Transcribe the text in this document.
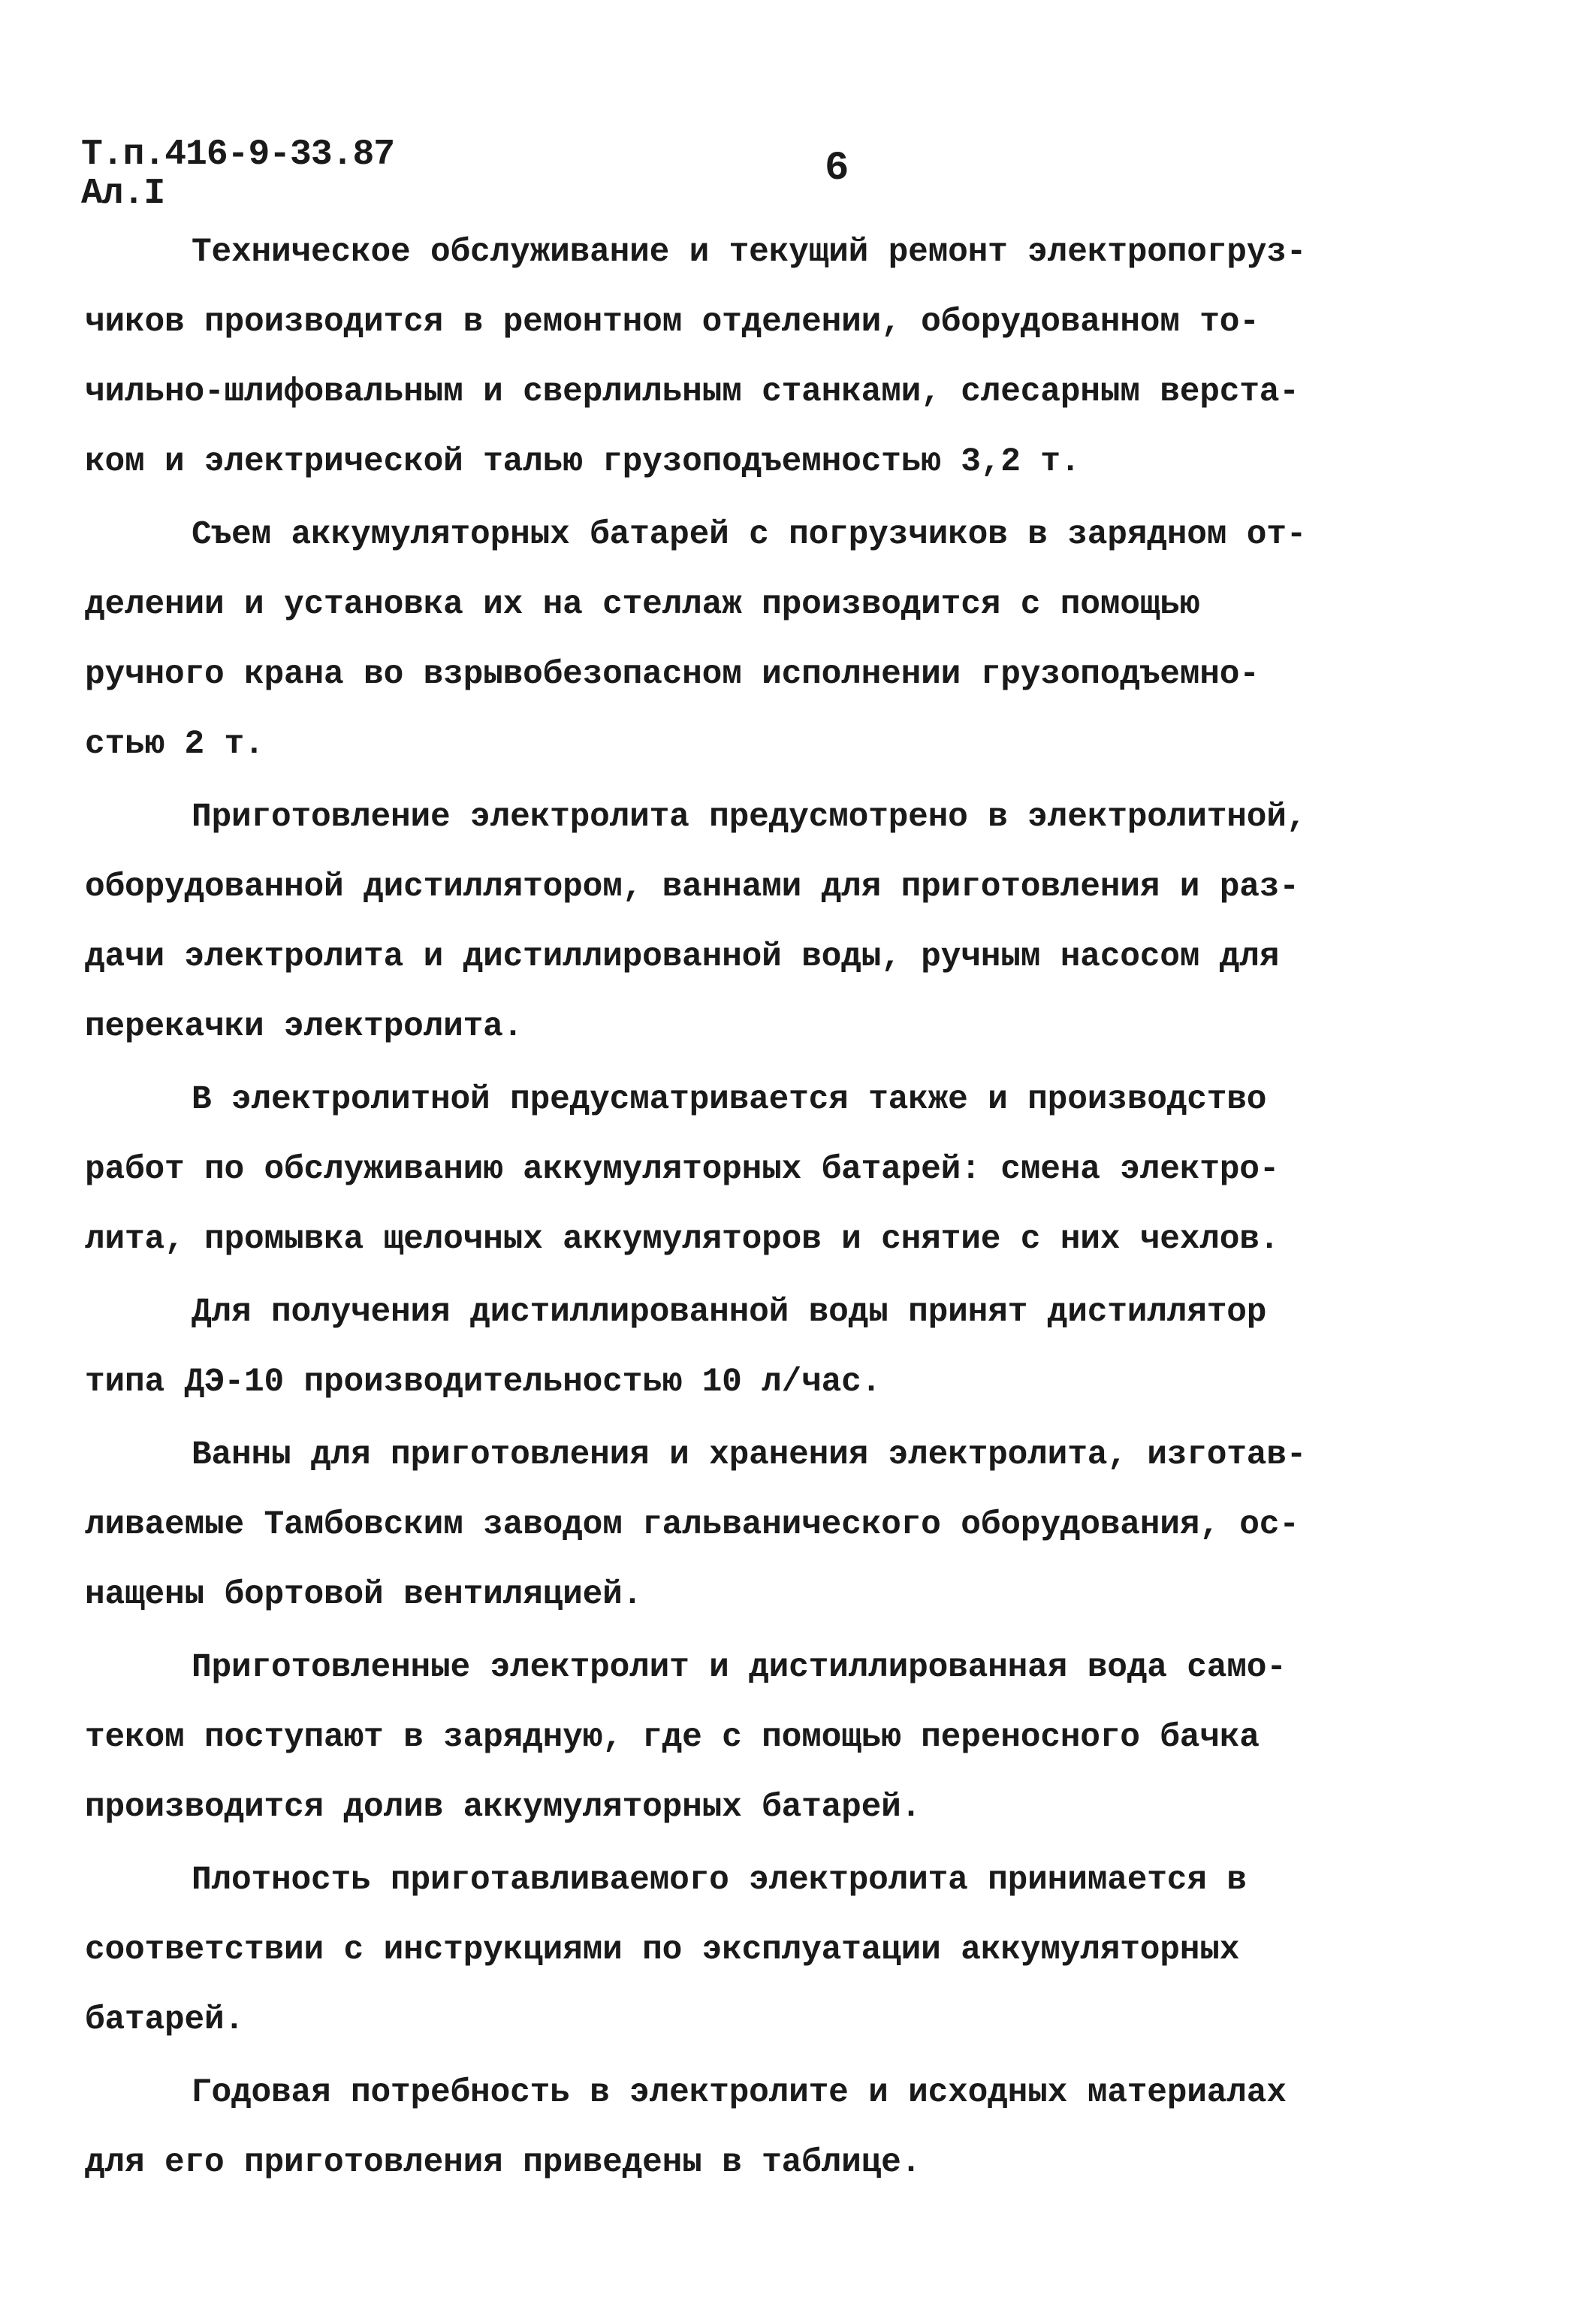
Т.п.416-9-33.87
Ал.I
6
Техническое обслуживание и текущий ремонт электропогруз-
чиков производится в ремонтном отделении, оборудованном то-
чильно-шлифовальным и сверлильным станками, слесарным верста-
ком и электрической талью грузоподъемностью 3,2 т.
Съем аккумуляторных батарей с погрузчиков в зарядном от-
делении и установка их на стеллаж производится с помощью
ручного крана во взрывобезопасном исполнении грузоподъемно-
стью 2 т.
Приготовление электролита предусмотрено в электролитной,
оборудованной дистиллятором, ваннами для приготовления и раз-
дачи электролита и дистиллированной воды, ручным насосом для
перекачки электролита.
В электролитной предусматривается также и производство
работ по обслуживанию аккумуляторных батарей: смена электро-
лита, промывка щелочных аккумуляторов и снятие с них чехлов.
Для получения дистиллированной воды принят дистиллятор
типа ДЭ-10 производительностью 10 л/час.
Ванны для приготовления и хранения электролита, изготав-
ливаемые Тамбовским заводом гальванического оборудования, ос-
нащены бортовой вентиляцией.
Приготовленные электролит и дистиллированная вода само-
теком поступают в зарядную, где с помощью переносного бачка
производится долив аккумуляторных батарей.
Плотность приготавливаемого электролита принимается в
соответствии с инструкциями по эксплуатации аккумуляторных
батарей.
Годовая потребность в электролите и исходных материалах
для его приготовления приведены в таблице.
